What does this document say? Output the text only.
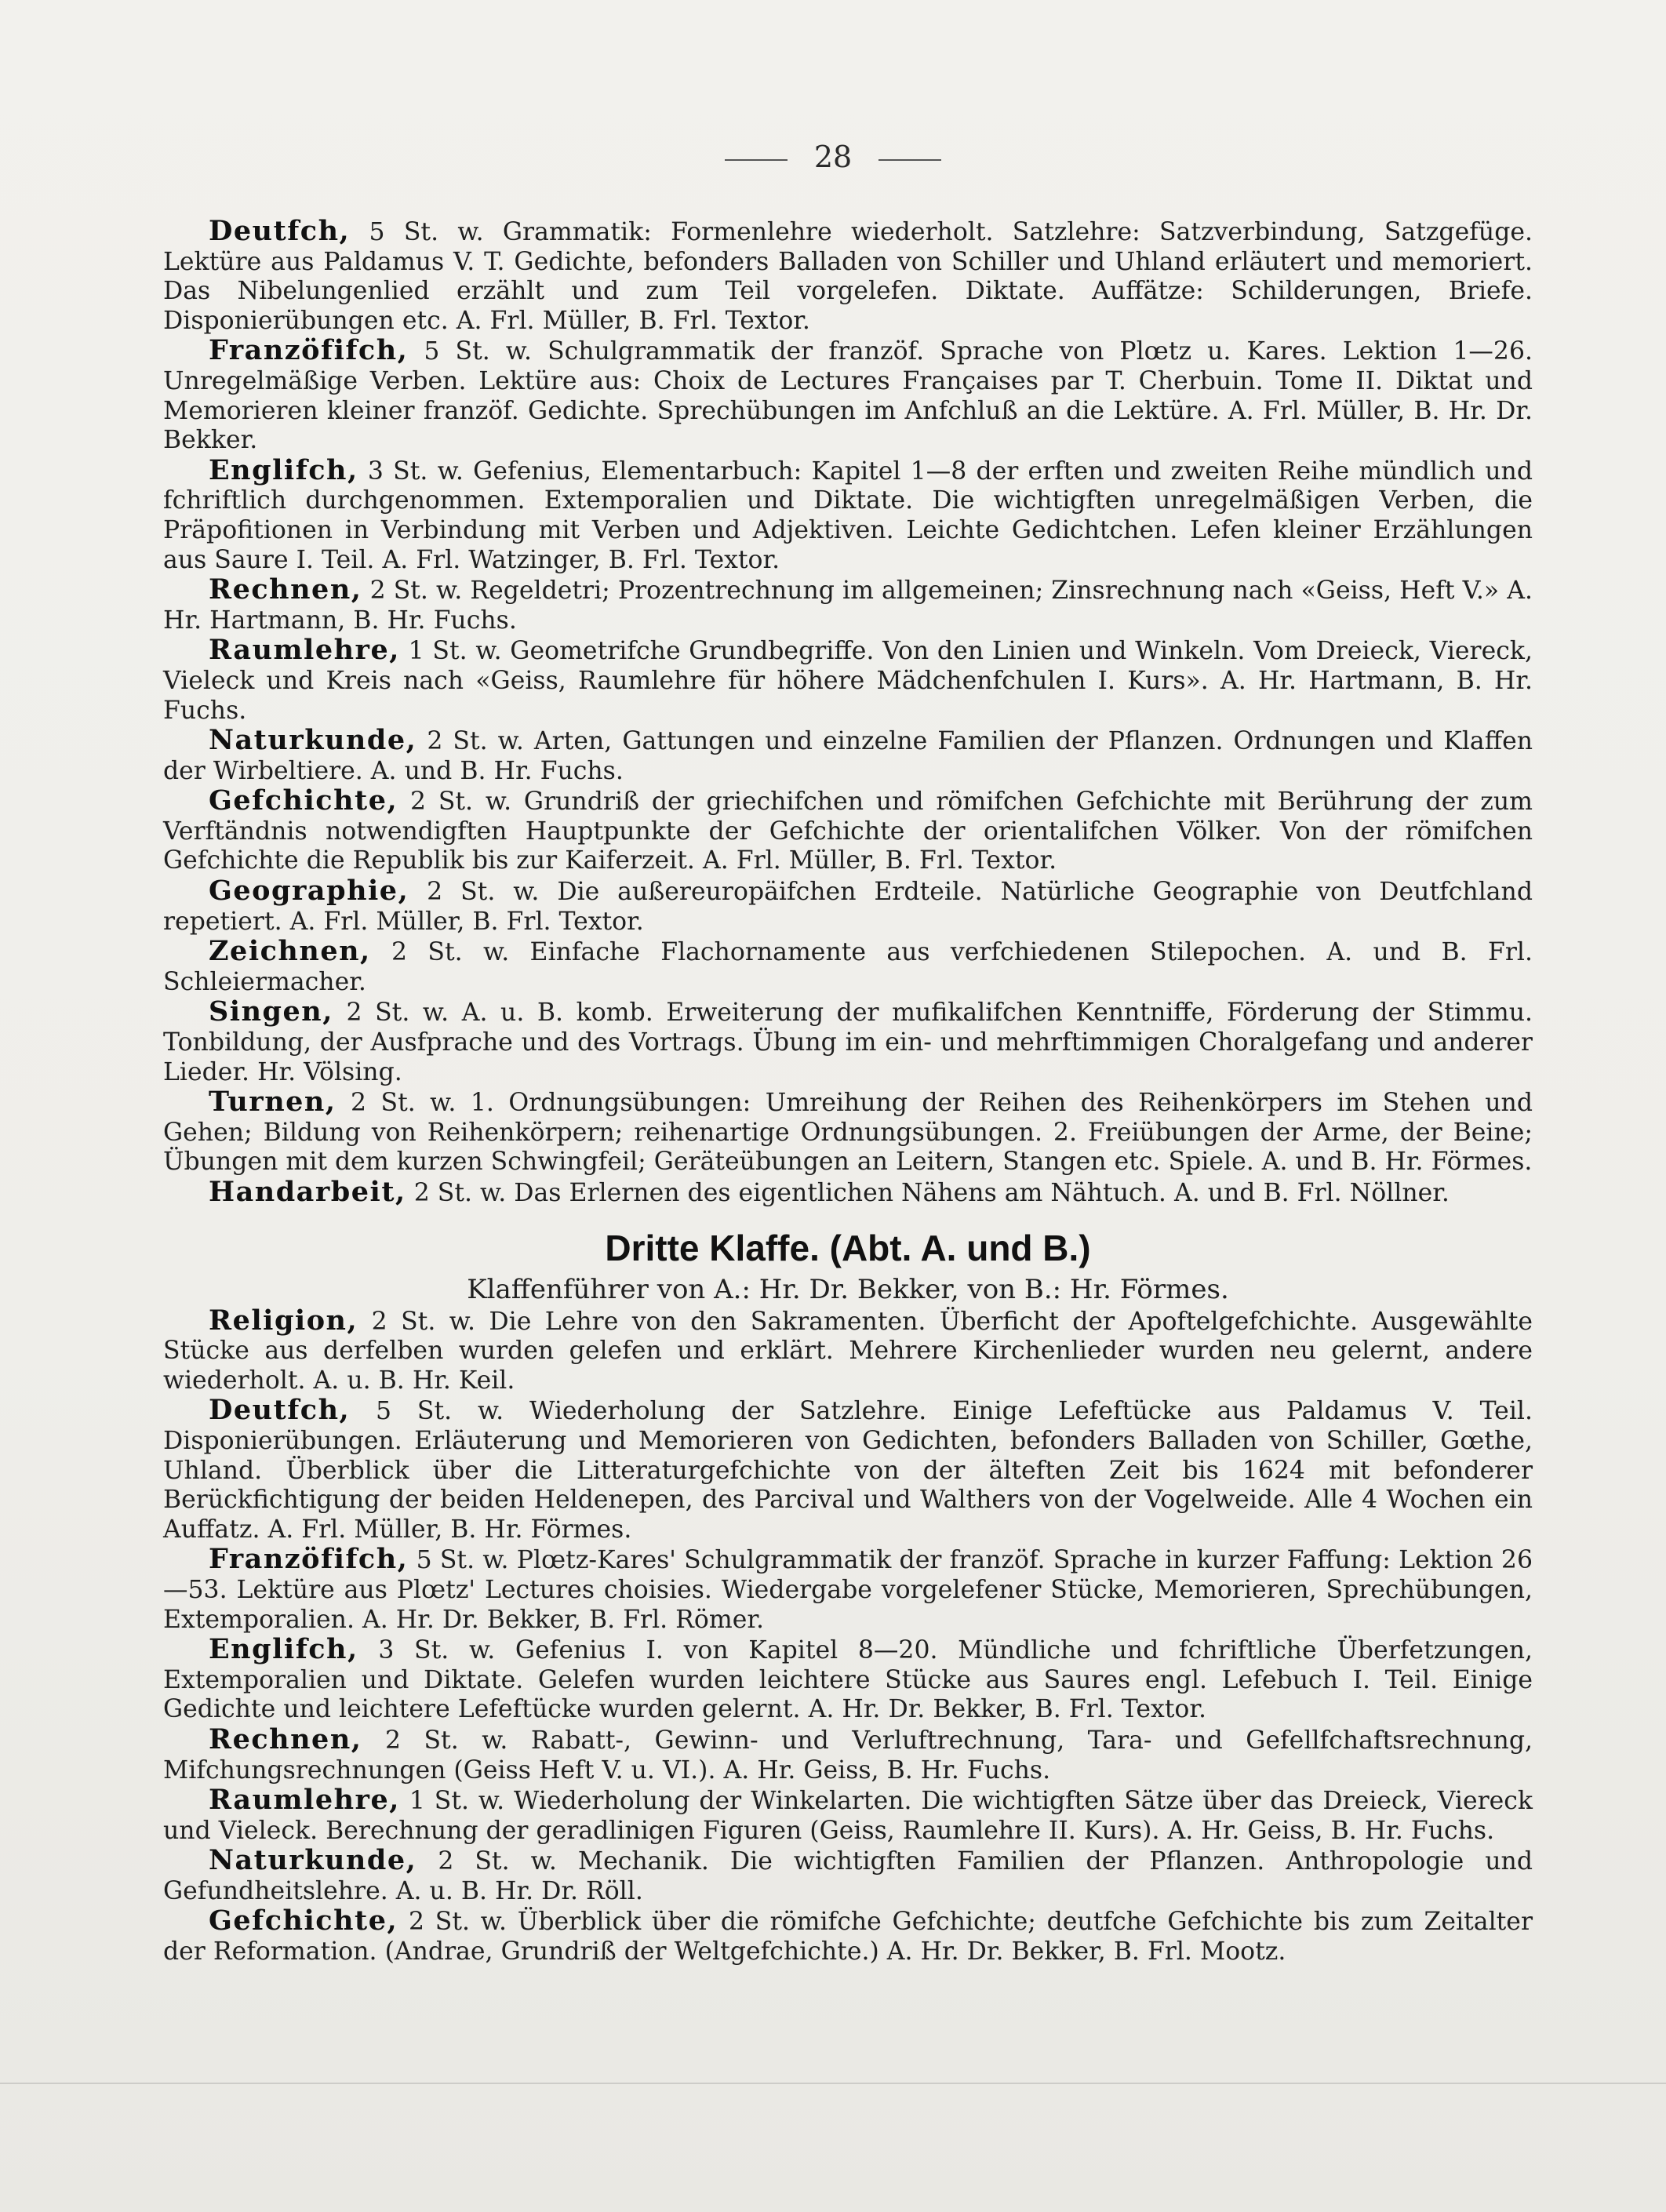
28

Deutfch, 5 St. w. Grammatik: Formenlehre wiederholt. Satzlehre: Satzverbindung, Satzgefüge. Lektüre aus Paldamus V. T. Gedichte, befonders Balladen von Schiller und Uhland erläutert und memoriert. Das Nibelungenlied erzählt und zum Teil vorgelefen. Diktate. Auffätze: Schilderungen, Briefe. Disponierübungen etc. A. Frl. Müller, B. Frl. Textor.

Franzöfifch, 5 St. w. Schulgrammatik der franzöf. Sprache von Plœtz u. Kares. Lektion 1—26. Unregelmäßige Verben. Lektüre aus: Choix de Lectures Françaises par T. Cherbuin. Tome II. Diktat und Memorieren kleiner franzöf. Gedichte. Sprechübungen im Anfchluß an die Lektüre. A. Frl. Müller, B. Hr. Dr. Bekker.

Englifch, 3 St. w. Gefenius, Elementarbuch: Kapitel 1—8 der erften und zweiten Reihe mündlich und fchriftlich durchgenommen. Extemporalien und Diktate. Die wichtigften unregelmäßigen Verben, die Präpofitionen in Verbindung mit Verben und Adjektiven. Leichte Gedichtchen. Lefen kleiner Erzählungen aus Saure I. Teil. A. Frl. Watzinger, B. Frl. Textor.

Rechnen, 2 St. w. Regeldetri; Prozentrechnung im allgemeinen; Zinsrechnung nach «Geiss, Heft V.» A. Hr. Hartmann, B. Hr. Fuchs.

Raumlehre, 1 St. w. Geometrifche Grundbegriffe. Von den Linien und Winkeln. Vom Dreieck, Viereck, Vieleck und Kreis nach «Geiss, Raumlehre für höhere Mädchenfchulen I. Kurs». A. Hr. Hartmann, B. Hr. Fuchs.

Naturkunde, 2 St. w. Arten, Gattungen und einzelne Familien der Pflanzen. Ordnungen und Klaffen der Wirbeltiere. A. und B. Hr. Fuchs.

Gefchichte, 2 St. w. Grundriß der griechifchen und römifchen Gefchichte mit Berührung der zum Verftändnis notwendigften Hauptpunkte der Gefchichte der orientalifchen Völker. Von der römifchen Gefchichte die Republik bis zur Kaiferzeit. A. Frl. Müller, B. Frl. Textor.

Geographie, 2 St. w. Die außereuropäifchen Erdteile. Natürliche Geographie von Deutfchland repetiert. A. Frl. Müller, B. Frl. Textor.

Zeichnen, 2 St. w. Einfache Flachornamente aus verfchiedenen Stilepochen. A. und B. Frl. Schleiermacher.

Singen, 2 St. w. A. u. B. komb. Erweiterung der mufikalifchen Kenntniffe, Förderung der Stimmu. Tonbildung, der Ausfprache und des Vortrags. Übung im ein- und mehrftimmigen Choralgefang und anderer Lieder. Hr. Völsing.

Turnen, 2 St. w. 1. Ordnungsübungen: Umreihung der Reihen des Reihenkörpers im Stehen und Gehen; Bildung von Reihenkörpern; reihenartige Ordnungsübungen. 2. Freiübungen der Arme, der Beine; Übungen mit dem kurzen Schwingfeil; Geräteübungen an Leitern, Stangen etc. Spiele. A. und B. Hr. Förmes.

Handarbeit, 2 St. w. Das Erlernen des eigentlichen Nähens am Nähtuch. A. und B. Frl. Nöllner.

Dritte Klaffe. (Abt. A. und B.)
Klaffenführer von A.: Hr. Dr. Bekker, von B.: Hr. Förmes.

Religion, 2 St. w. Die Lehre von den Sakramenten. Überficht der Apoftelgefchichte. Ausgewählte Stücke aus derfelben wurden gelefen und erklärt. Mehrere Kirchenlieder wurden neu gelernt, andere wiederholt. A. u. B. Hr. Keil.

Deutfch, 5 St. w. Wiederholung der Satzlehre. Einige Lefeftücke aus Paldamus V. Teil. Disponierübungen. Erläuterung und Memorieren von Gedichten, befonders Balladen von Schiller, Gœthe, Uhland. Überblick über die Litteraturgefchichte von der älteften Zeit bis 1624 mit befonderer Berückfichtigung der beiden Heldenepen, des Parcival und Walthers von der Vogelweide. Alle 4 Wochen ein Auffatz. A. Frl. Müller, B. Hr. Förmes.

Franzöfifch, 5 St. w. Plœtz-Kares' Schulgrammatik der franzöf. Sprache in kurzer Faffung: Lektion 26—53. Lektüre aus Plœtz' Lectures choisies. Wiedergabe vorgelefener Stücke, Memorieren, Sprechübungen, Extemporalien. A. Hr. Dr. Bekker, B. Frl. Römer.

Englifch, 3 St. w. Gefenius I. von Kapitel 8—20. Mündliche und fchriftliche Überfetzungen, Extemporalien und Diktate. Gelefen wurden leichtere Stücke aus Saures engl. Lefebuch I. Teil. Einige Gedichte und leichtere Lefeftücke wurden gelernt. A. Hr. Dr. Bekker, B. Frl. Textor.

Rechnen, 2 St. w. Rabatt-, Gewinn- und Verluftrechnung, Tara- und Gefellfchaftsrechnung, Mifchungsrechnungen (Geiss Heft V. u. VI.). A. Hr. Geiss, B. Hr. Fuchs.

Raumlehre, 1 St. w. Wiederholung der Winkelarten. Die wichtigften Sätze über das Dreieck, Viereck und Vieleck. Berechnung der geradlinigen Figuren (Geiss, Raumlehre II. Kurs). A. Hr. Geiss, B. Hr. Fuchs.

Naturkunde, 2 St. w. Mechanik. Die wichtigften Familien der Pflanzen. Anthropologie und Gefundheitslehre. A. u. B. Hr. Dr. Röll.

Gefchichte, 2 St. w. Überblick über die römifche Gefchichte; deutfche Gefchichte bis zum Zeitalter der Reformation. (Andrae, Grundriß der Weltgefchichte.) A. Hr. Dr. Bekker, B. Frl. Mootz.
